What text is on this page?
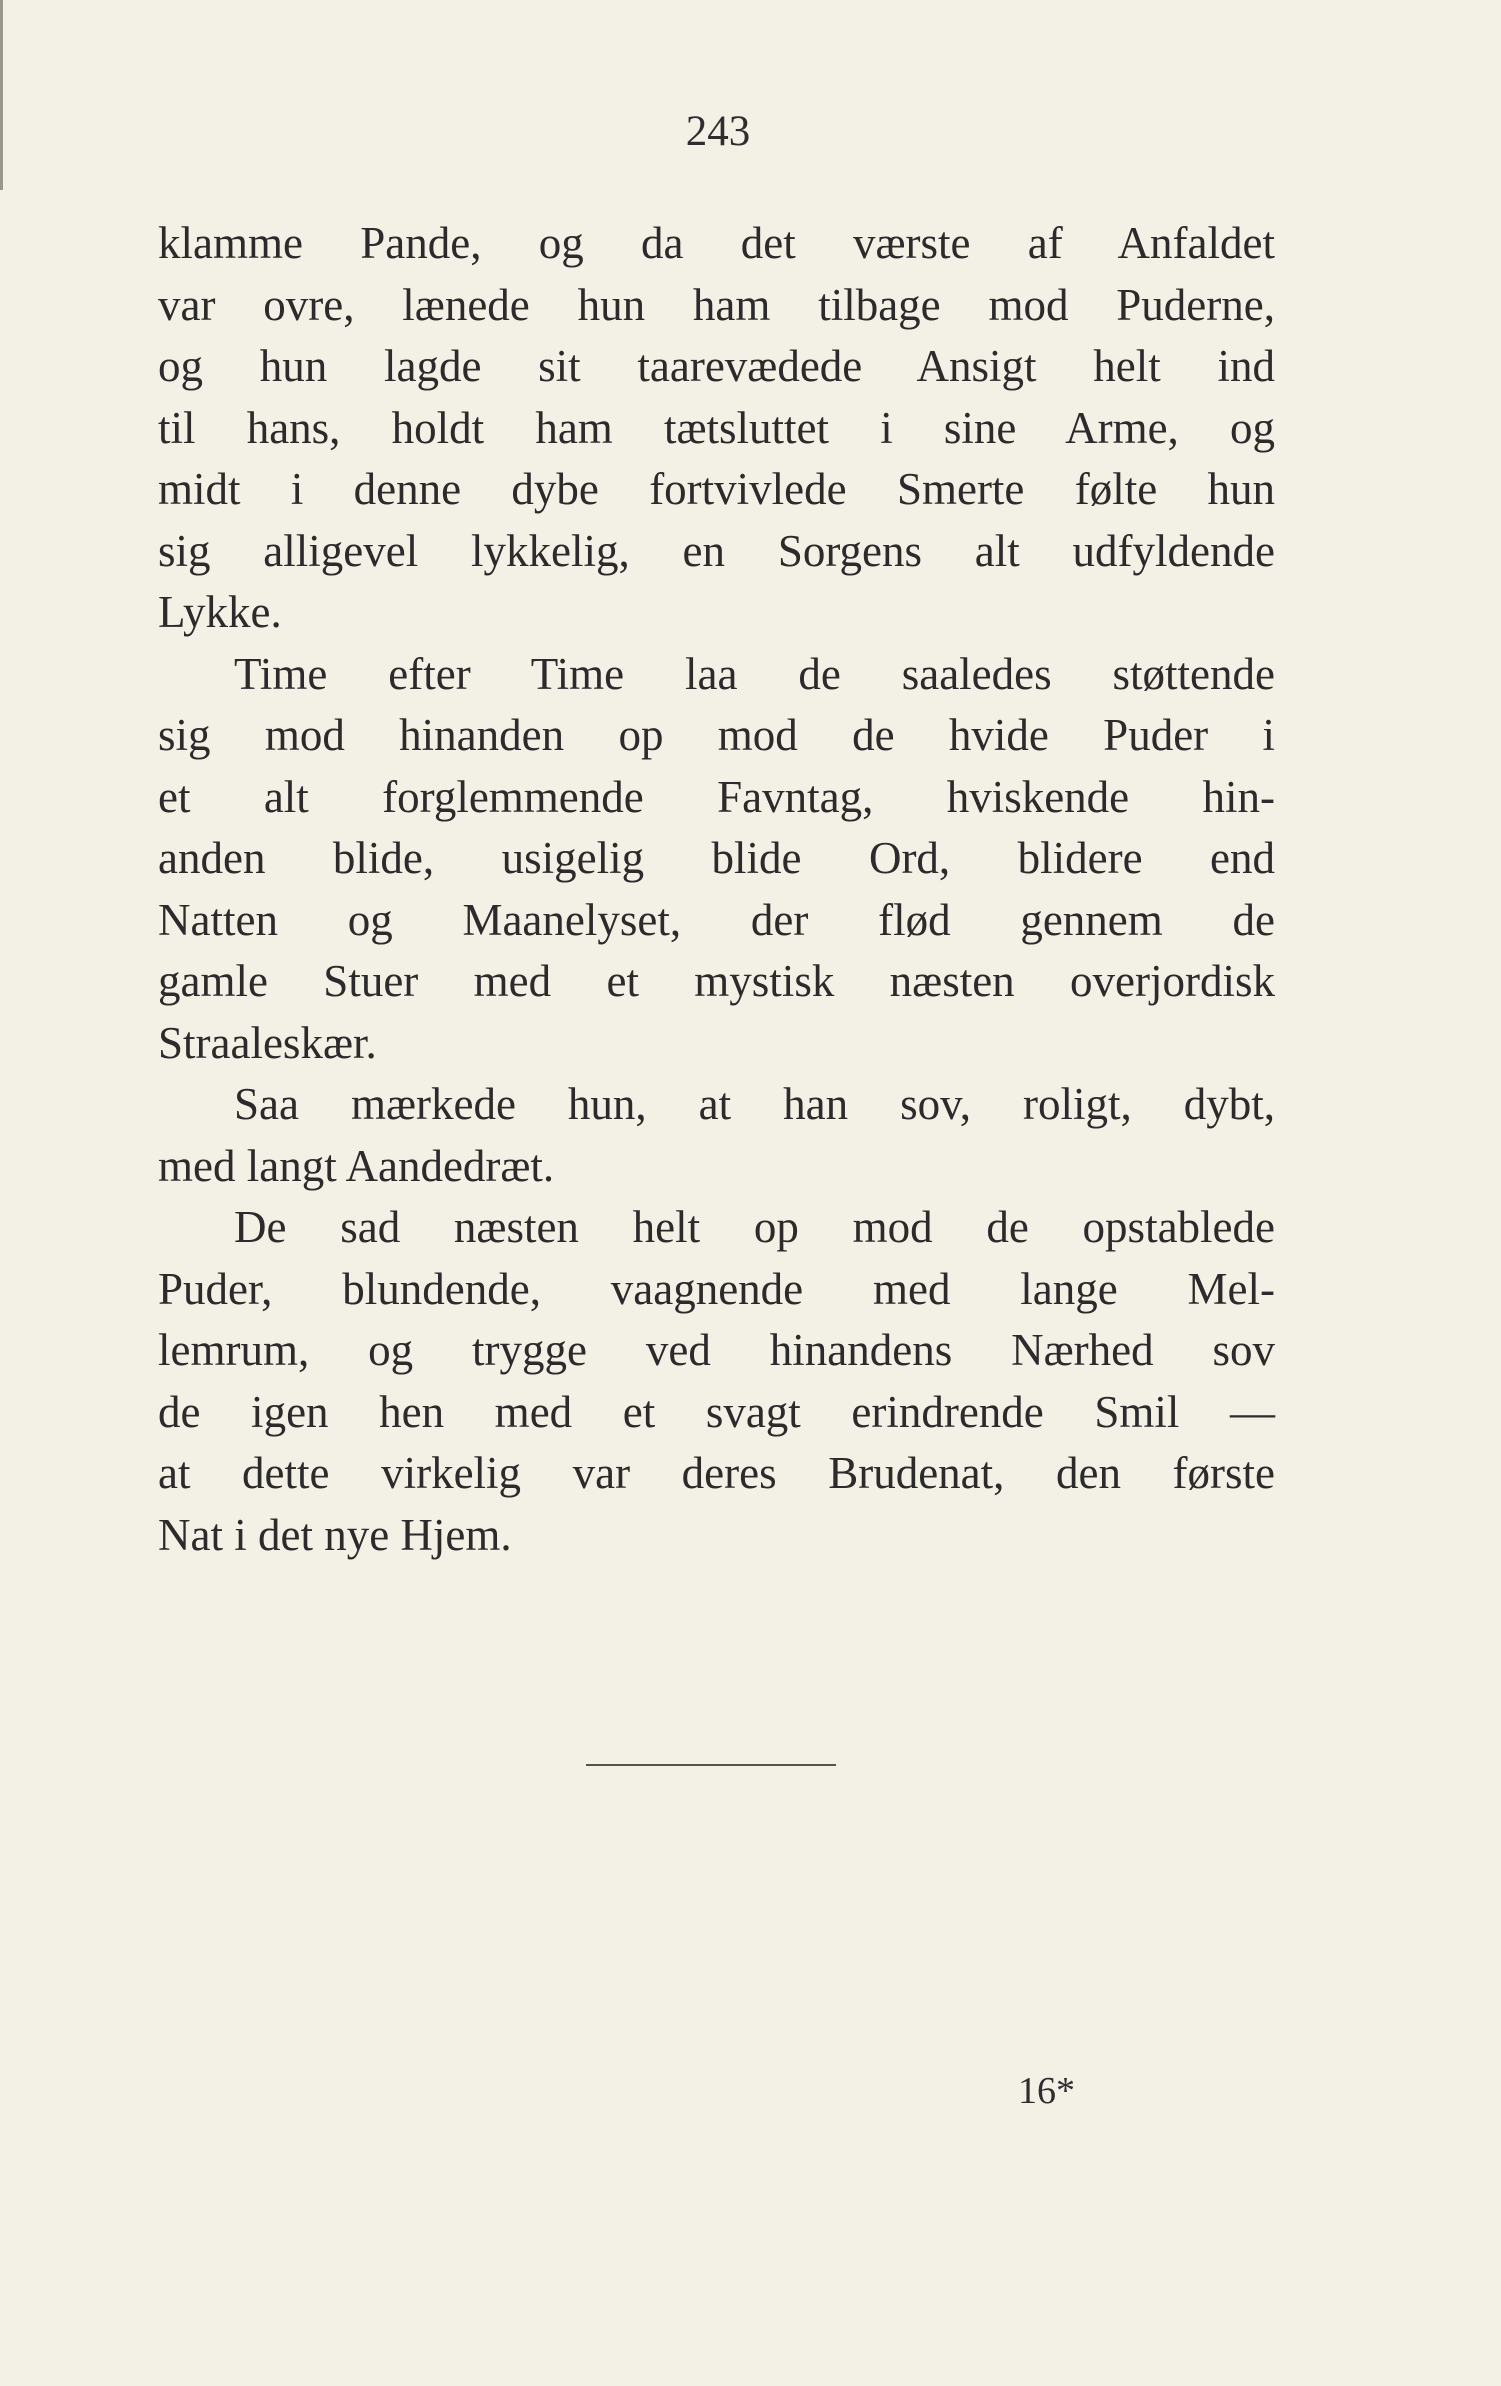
243
klamme Pande, og da det værste af Anfaldet
var ovre, lænede hun ham tilbage mod Puderne,
og hun lagde sit taarevædede Ansigt helt ind
til hans, holdt ham tætsluttet i sine Arme, og
midt i denne dybe fortvivlede Smerte følte hun
sig alligevel lykkelig, en Sorgens alt udfyldende
Lykke.
Time efter Time laa de saaledes støttende
sig mod hinanden op mod de hvide Puder i
et alt forglemmende Favntag, hviskende hin-
anden blide, usigelig blide Ord, blidere end
Natten og Maanelyset, der flød gennem de
gamle Stuer med et mystisk næsten overjordisk
Straaleskær.
Saa mærkede hun, at han sov, roligt, dybt,
med langt Aandedræt.
De sad næsten helt op mod de opstablede
Puder, blundende, vaagnende med lange Mel-
lemrum, og trygge ved hinandens Nærhed sov
de igen hen med et svagt erindrende Smil —
at dette virkelig var deres Brudenat, den første
Nat i det nye Hjem.
16*
